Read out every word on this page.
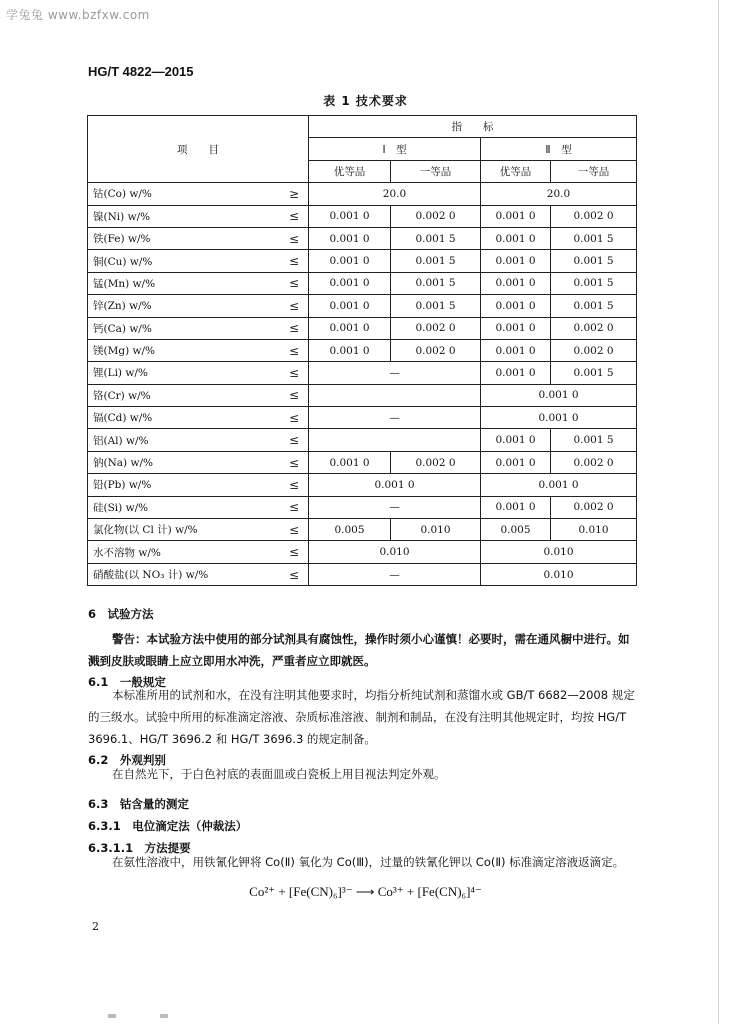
学兔兔 www.bzfxw.com
HG/T 4822—2015
表 1 技术要求
项　　目		指　　标			
		Ⅰ　型		Ⅱ　型	
		优等品	一等品	优等品	一等品
钴(Co) w/%	≥	20.0		20.0	
镍(Ni) w/%	≤	0.001 0	0.002 0	0.001 0	0.002 0
铁(Fe) w/%	≤	0.001 0	0.001 5	0.001 0	0.001 5
铜(Cu) w/%	≤	0.001 0	0.001 5	0.001 0	0.001 5
锰(Mn) w/%	≤	0.001 0	0.001 5	0.001 0	0.001 5
锌(Zn) w/%	≤	0.001 0	0.001 5	0.001 0	0.001 5
钙(Ca) w/%	≤	0.001 0	0.002 0	0.001 0	0.002 0
镁(Mg) w/%	≤	0.001 0	0.002 0	0.001 0	0.002 0
锂(Li) w/%	≤	—		0.001 0	0.001 5
铬(Cr) w/%	≤			0.001 0	
镉(Cd) w/%	≤	—		0.001 0	
铝(Al) w/%	≤			0.001 0	0.001 5
钠(Na) w/%	≤	0.001 0	0.002 0	0.001 0	0.002 0
铅(Pb) w/%	≤	0.001 0		0.001 0	
硅(Si) w/%	≤	—		0.001 0	0.002 0
氯化物(以 Cl 计) w/%	≤	0.005	0.010	0.005	0.010
水不溶物 w/%	≤	0.010		0.010	
硝酸盐(以 NO₃ 计) w/%	≤	—		0.010	
6　试验方法
警告：本试验方法中使用的部分试剂具有腐蚀性，操作时须小心谨慎！必要时，需在通风橱中进行。如溅到皮肤或眼睛上应立即用水冲洗，严重者应立即就医。
6.1　一般规定
本标准所用的试剂和水，在没有注明其他要求时，均指分析纯试剂和蒸馏水或 GB/T 6682—2008 规定的三级水。试验中所用的标准滴定溶液、杂质标准溶液、制剂和制品，在没有注明其他规定时，均按 HG/T 3696.1、HG/T 3696.2 和 HG/T 3696.3 的规定制备。
6.2　外观判别
在自然光下，于白色衬底的表面皿或白瓷板上用目视法判定外观。
6.3　钴含量的测定
6.3.1　电位滴定法（仲裁法）
6.3.1.1　方法提要
在氨性溶液中，用铁氰化钾将 Co(Ⅱ) 氧化为 Co(Ⅲ)，过量的铁氰化钾以 Co(Ⅱ) 标准滴定溶液返滴定。
Co²⁺ + [Fe(CN)₆]³⁻ ⟶ Co³⁺ + [Fe(CN)₆]⁴⁻
2
